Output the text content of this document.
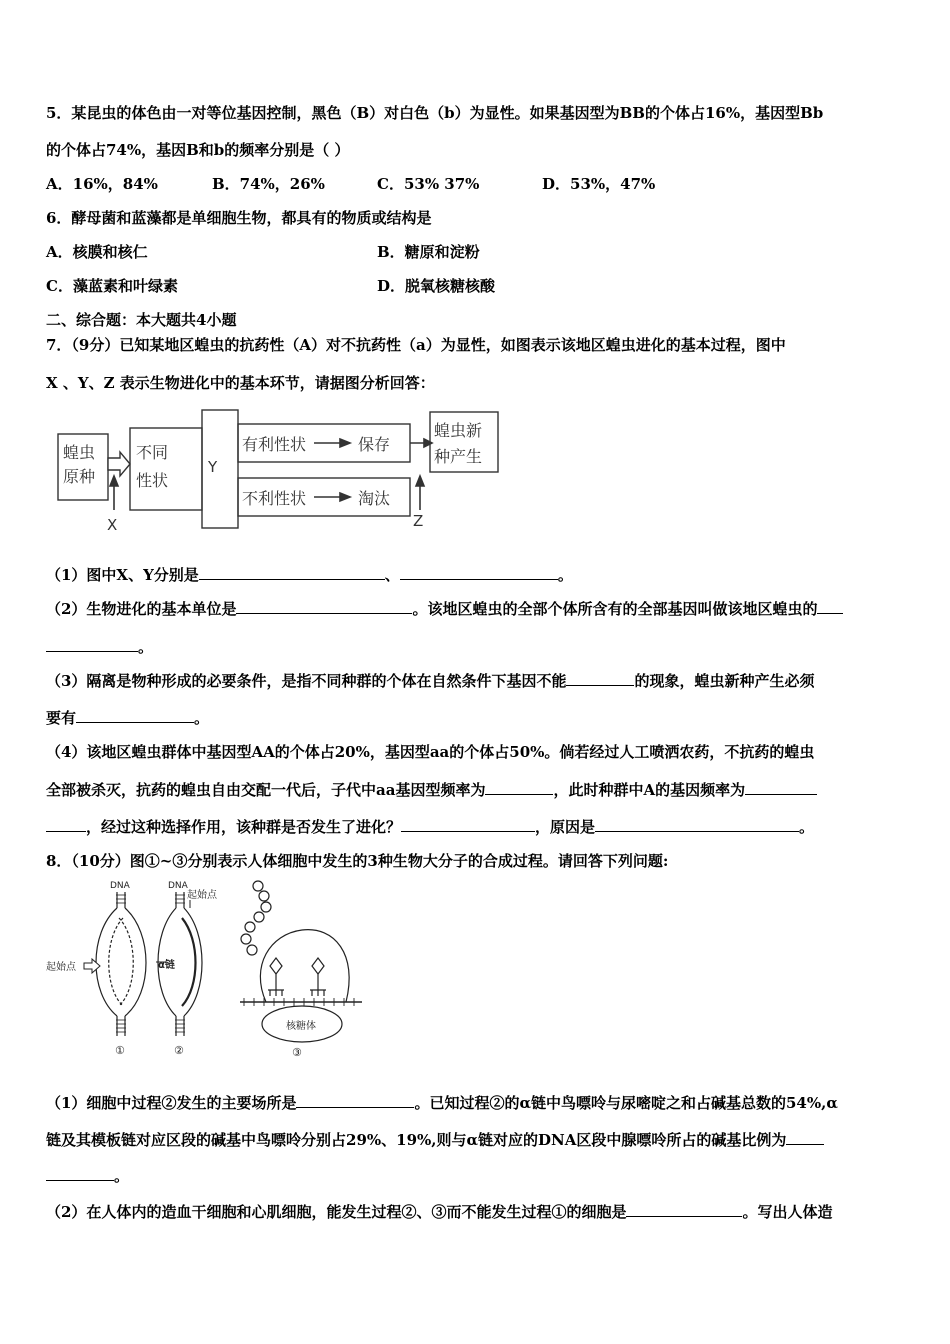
5．某昆虫的体色由一对等位基因控制，黑色（B）对白色（b）为显性。如果基因型为BB的个体占16%，基因型Bb
的个体占74%，基因B和b的频率分别是（ ）
A．16%，84%	B．74%，26%	C．53% 37%	D．53%，47%
6．酵母菌和蓝藻都是单细胞生物，都具有的物质或结构是
A．核膜和核仁	B．糖原和淀粉
C．藻蓝素和叶绿素	D．脱氧核糖核酸
二、综合题：本大题共4小题
7．（9分）已知某地区蝗虫的抗药性（A）对不抗药性（a）为显性，如图表示该地区蝗虫进化的基本过程，图中
X 、Y、Z 表示生物进化中的基本环节，请据图分析回答：
蝗虫
原种
不同
性状
Y
有利性状	保存
不利性状	淘汰
蝗虫新
种产生
X	Z
（1）图中X、Y分别是	、	。
（2）生物进化的基本单位是	。该地区蝗虫的全部个体所含有的全部基因叫做该地区蝗虫的
。
（3）隔离是物种形成的必要条件，是指不同种群的个体在自然条件下基因不能	的现象，蝗虫新种产生必须
要有	。
（4）该地区蝗虫群体中基因型AA的个体占20%，基因型aa的个体占50%。倘若经过人工喷洒农药，不抗药的蝗虫
全部被杀灭，抗药的蝗虫自由交配一代后，子代中aa基因型频率为	，此时种群中A的基因频率为
，经过这种选择作用，该种群是否发生了进化？	，原因是	。
8．（10分）图①~③分别表示人体细胞中发生的3种生物大分子的合成过程。请回答下列问题:
DNA	DNA
起始点
起始点
α链
核糖体
①	②	③
（1）细胞中过程②发生的主要场所是	。已知过程②的α链中鸟嘌呤与尿嘧啶之和占碱基总数的54%,α
链及其模板链对应区段的碱基中鸟嘌呤分别占29%、19%,则与α链对应的DNA区段中腺嘌呤所占的碱基比例为
。
（2）在人体内的造血干细胞和心肌细胞，能发生过程②、③而不能发生过程①的细胞是	。写出人体造
